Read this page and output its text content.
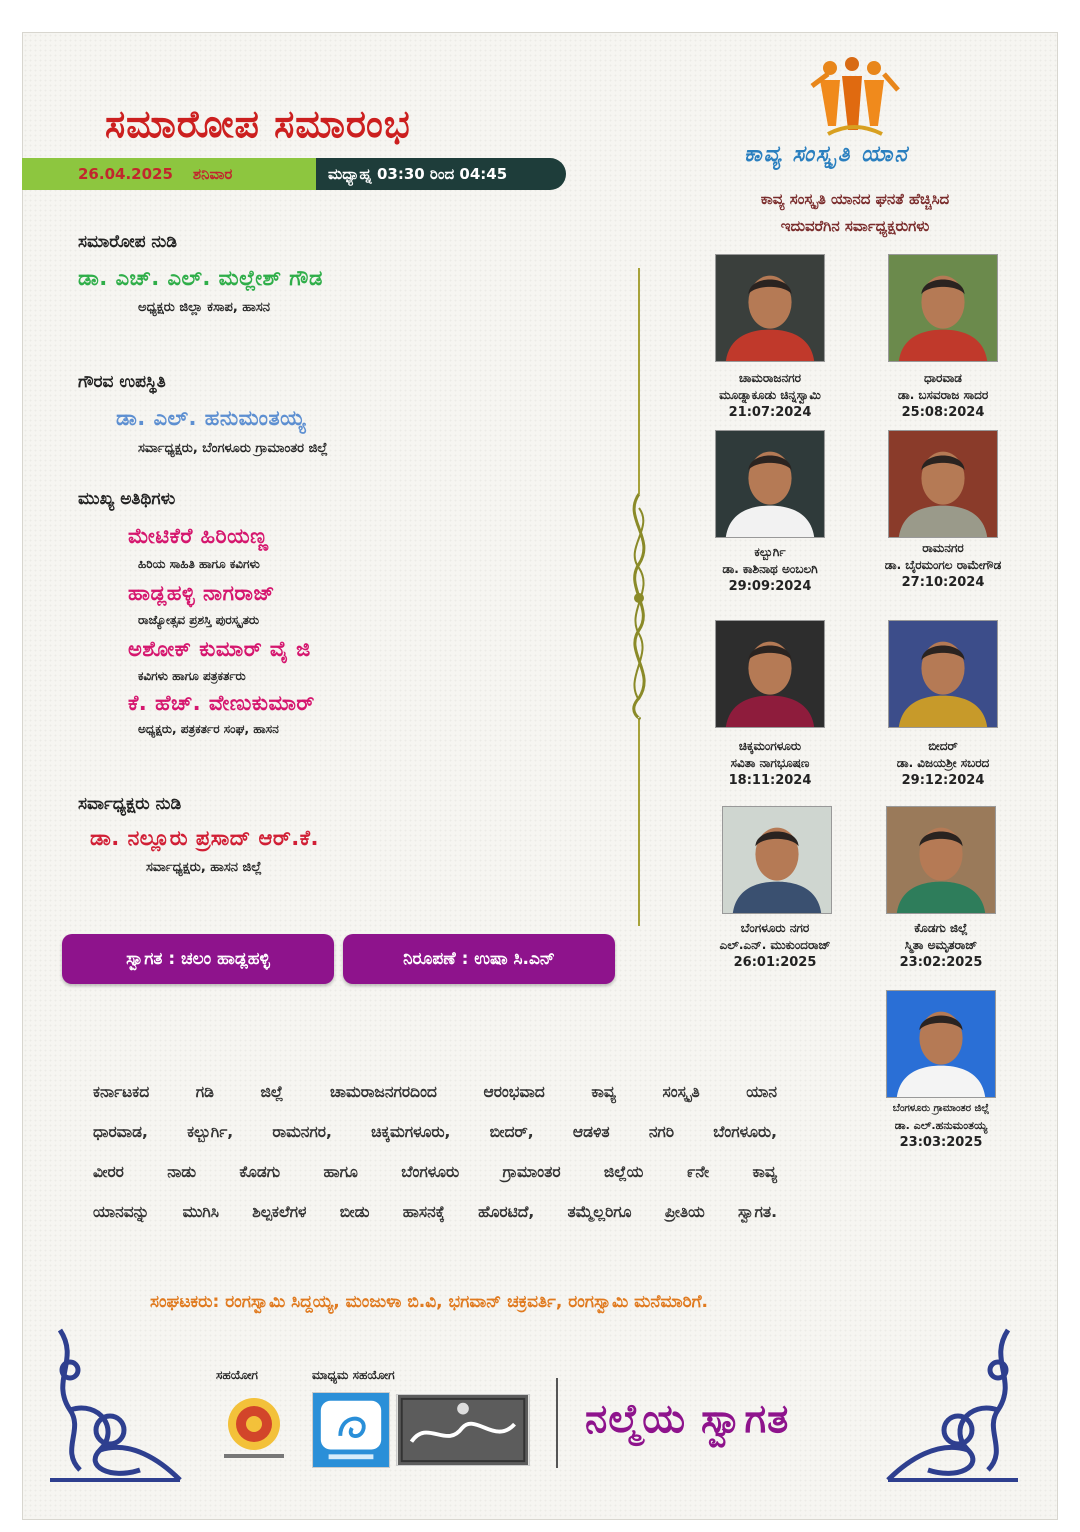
ಸಮಾರೋಪ ಸಮಾರಂಭ
26.04.2025 ಶನಿವಾರ	ಮಧ್ಯಾಹ್ನ 03:30 ರಿಂದ 04:45
ಸಮಾರೋಪ ನುಡಿ
ಡಾ. ಎಚ್. ಎಲ್. ಮಲ್ಲೇಶ್ ಗೌಡ
ಅಧ್ಯಕ್ಷರು ಜಿಲ್ಲಾ ಕಸಾಪ, ಹಾಸನ
ಗೌರವ ಉಪಸ್ಥಿತಿ
ಡಾ. ಎಲ್. ಹನುಮಂತಯ್ಯ
ಸರ್ವಾಧ್ಯಕ್ಷರು, ಬೆಂಗಳೂರು ಗ್ರಾಮಾಂತರ ಜಿಲ್ಲೆ
ಮುಖ್ಯ ಅತಿಥಿಗಳು
ಮೇಟಿಕೆರೆ ಹಿರಿಯಣ್ಣ
ಹಿರಿಯ ಸಾಹಿತಿ ಹಾಗೂ ಕವಿಗಳು
ಹಾಡ್ಲಹಳ್ಳಿ ನಾಗರಾಜ್
ರಾಜ್ಯೋತ್ಸವ ಪ್ರಶಸ್ತಿ ಪುರಸ್ಕೃತರು
ಅಶೋಕ್ ಕುಮಾರ್ ವೈ ಜಿ
ಕವಿಗಳು ಹಾಗೂ ಪತ್ರಕರ್ತರು
ಕೆ. ಹೆಚ್. ವೇಣುಕುಮಾರ್
ಅಧ್ಯಕ್ಷರು, ಪತ್ರಕರ್ತರ ಸಂಘ, ಹಾಸನ
ಸರ್ವಾಧ್ಯಕ್ಷರು ನುಡಿ
ಡಾ. ನಲ್ಲೂರು ಪ್ರಸಾದ್ ಆರ್.ಕೆ.
ಸರ್ವಾಧ್ಯಕ್ಷರು, ಹಾಸನ ಜಿಲ್ಲೆ
ಸ್ವಾಗತ : ಚಲಂ ಹಾಡ್ಲಹಳ್ಳಿ	ನಿರೂಪಣೆ : ಉಷಾ ಸಿ.ಎನ್
ಕಾವ್ಯ ಸಂಸ್ಕೃತಿ ಯಾನ
ಕಾವ್ಯ ಸಂಸ್ಕೃತಿ ಯಾನದ ಘನತೆ ಹೆಚ್ಚಿಸಿದ
ಇದುವರೆಗಿನ ಸರ್ವಾಧ್ಯಕ್ಷರುಗಳು
ಚಾಮರಾಜನಗರ
ಮೂಡ್ನಾಕೂಡು ಚಿನ್ನಸ್ವಾಮಿ
21:07:2024
ಧಾರವಾಡ
ಡಾ. ಬಸವರಾಜ ಸಾದರ
25:08:2024
ಕಲ್ಬುರ್ಗಿ
ಡಾ. ಕಾಶಿನಾಥ ಅಂಬಲಗಿ
29:09:2024
ರಾಮನಗರ
ಡಾ. ಬೈರಮಂಗಲ ರಾಮೇಗೌಡ
27:10:2024
ಚಿಕ್ಕಮಂಗಳೂರು
ಸವಿತಾ ನಾಗಭೂಷಣ
18:11:2024
ಬೀದರ್
ಡಾ. ವಿಜಯಶ್ರೀ ಸಬರದ
29:12:2024
ಬೆಂಗಳೂರು ನಗರ
ಎಲ್.ಎನ್. ಮುಕುಂದರಾಜ್
26:01:2025
ಕೊಡಗು ಜಿಲ್ಲೆ
ಸ್ಮಿತಾ ಅಮೃತರಾಜ್
23:02:2025
ಬೆಂಗಳೂರು ಗ್ರಾಮಾಂತರ ಜಿಲ್ಲೆ
ಡಾ. ಎಲ್.ಹನುಮಂತಯ್ಯ
23:03:2025
ಕರ್ನಾಟಕದ ಗಡಿ ಜಿಲ್ಲೆ ಚಾಮರಾಜನಗರದಿಂದ ಆರಂಭವಾದ ಕಾವ್ಯ ಸಂಸ್ಕೃತಿ ಯಾನ
ಧಾರವಾಡ, ಕಲ್ಬುರ್ಗಿ, ರಾಮನಗರ, ಚಿಕ್ಕಮಗಳೂರು, ಬೀದರ್, ಆಡಳಿತ ನಗರಿ ಬೆಂಗಳೂರು,
ವೀರರ ನಾಡು ಕೊಡಗು ಹಾಗೂ ಬೆಂಗಳೂರು ಗ್ರಾಮಾಂತರ ಜಿಲ್ಲೆಯ ೯ನೇ ಕಾವ್ಯ
ಯಾನವನ್ನು ಮುಗಿಸಿ ಶಿಲ್ಪಕಲೆಗಳ ಬೀಡು ಹಾಸನಕ್ಕೆ ಹೊರಟಿದೆ, ತಮ್ಮೆಲ್ಲರಿಗೂ ಪ್ರೀತಿಯ ಸ್ವಾಗತ.
ಸಂಘಟಕರು: ರಂಗಸ್ವಾಮಿ ಸಿದ್ದಯ್ಯ, ಮಂಜುಳಾ ಬಿ.ವಿ, ಭಗವಾನ್ ಚಕ್ರವರ್ತಿ, ರಂಗಸ್ವಾಮಿ ಮನೆಮಾರಿಗೆ.
ಸಹಯೋಗ	ಮಾಧ್ಯಮ ಸಹಯೋಗ
ನಲ್ಮೆಯ ಸ್ವಾಗತ
